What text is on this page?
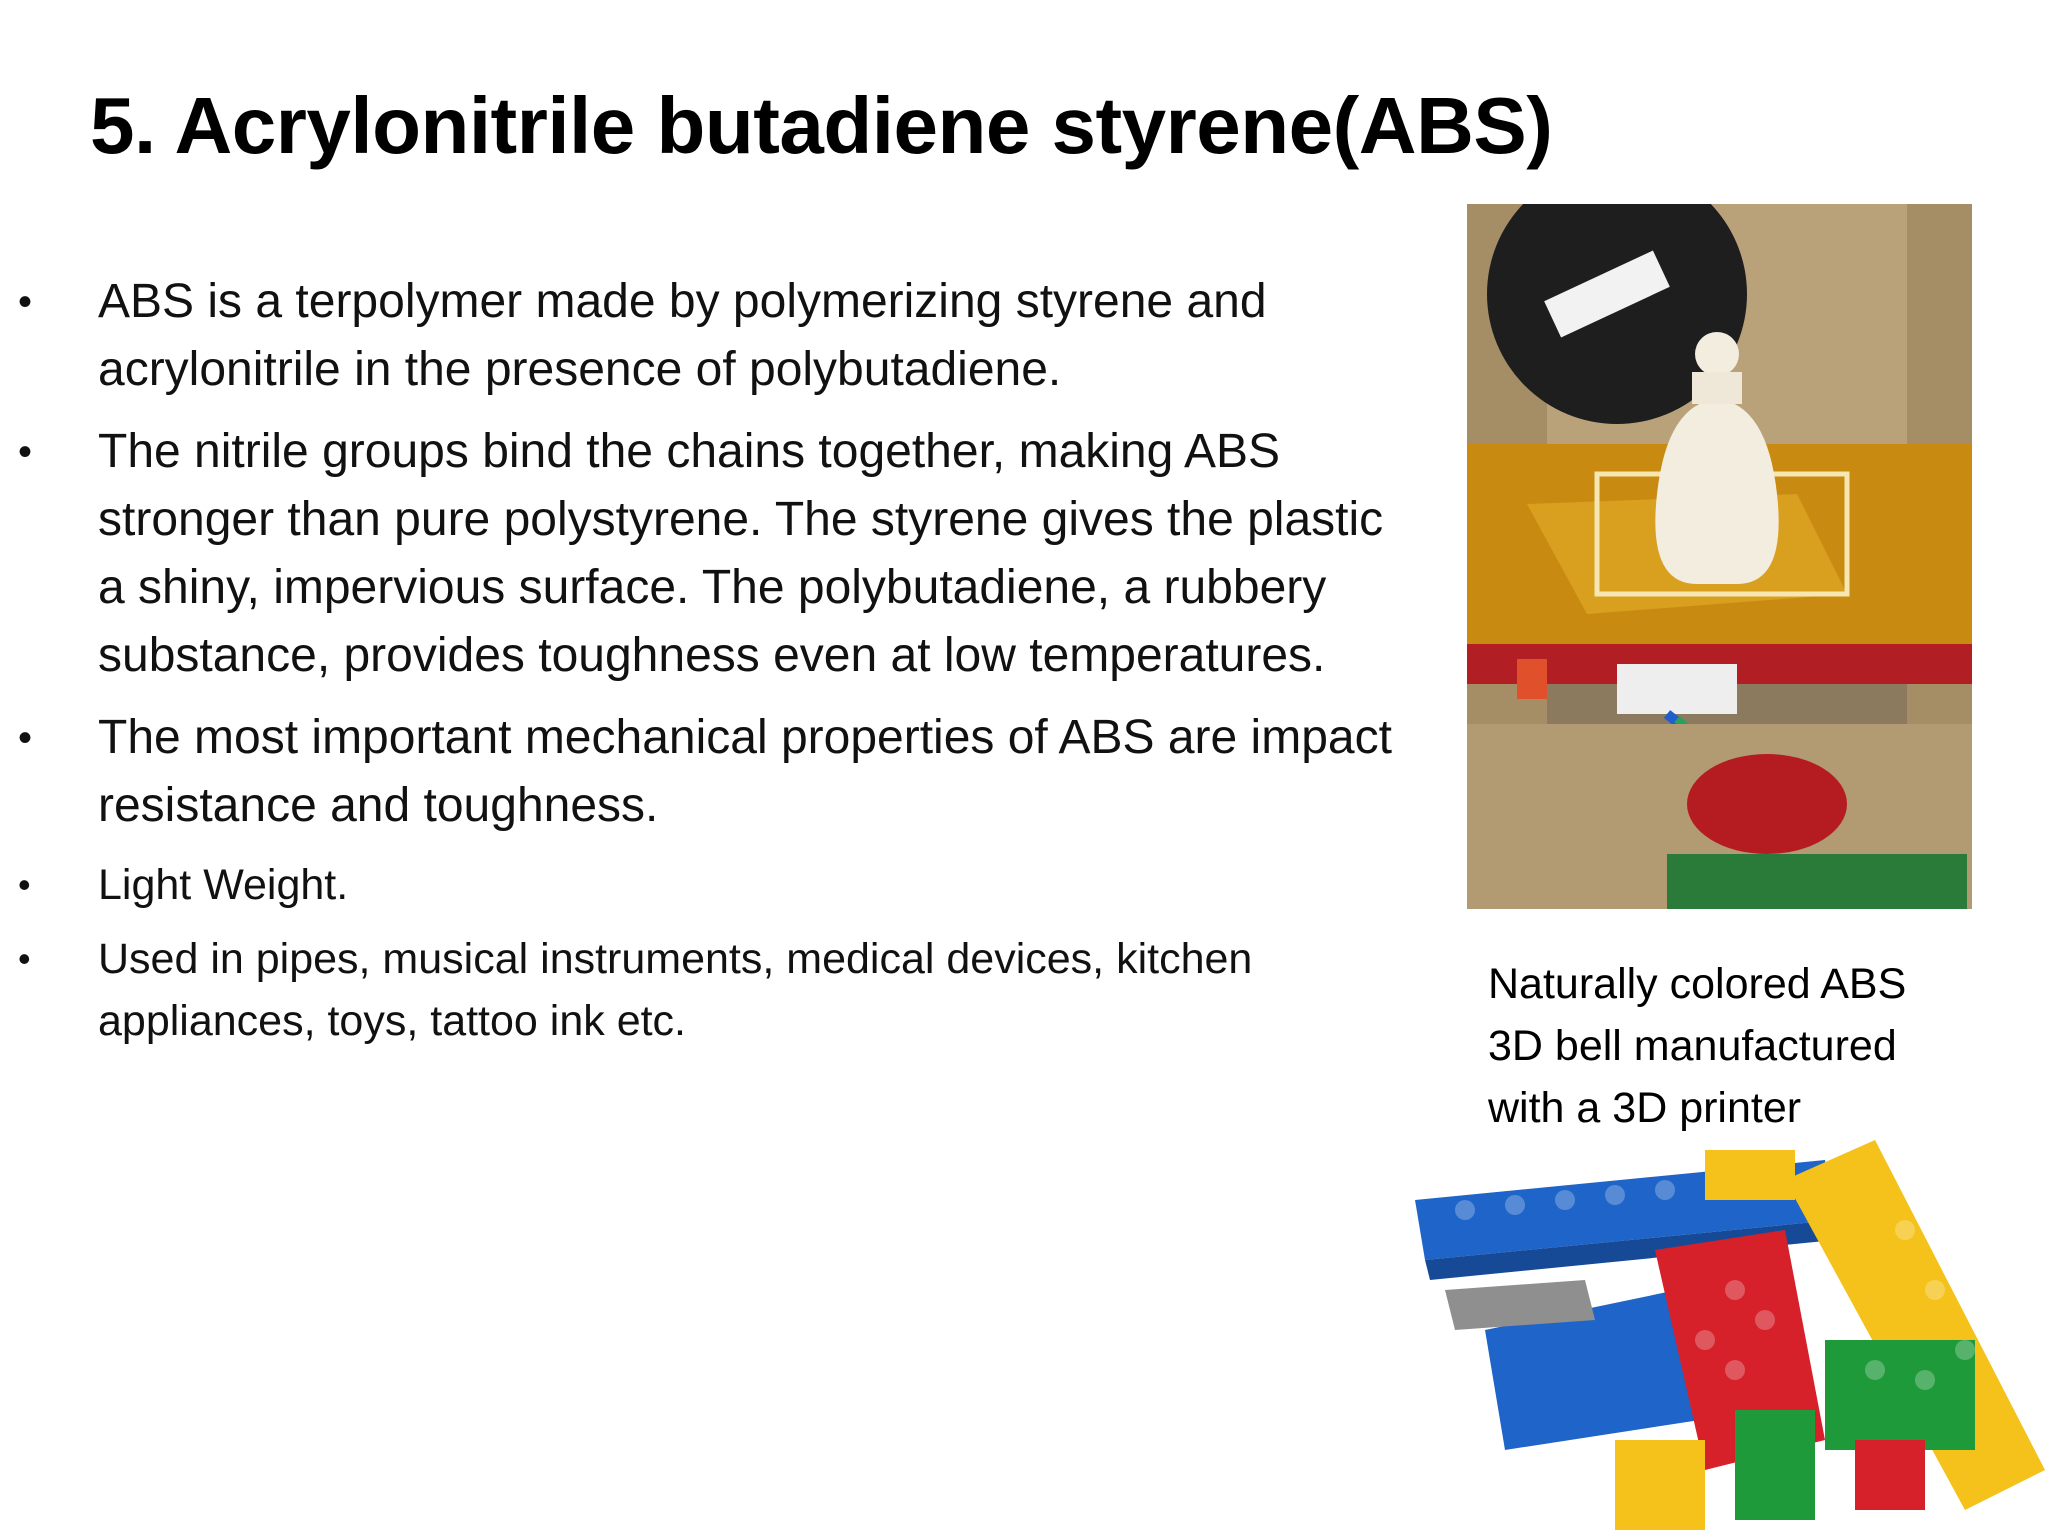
5. Acrylonitrile butadiene styrene(ABS)
• ABS is a terpolymer made by polymerizing styrene and acrylonitrile in the presence of polybutadiene.
• The nitrile groups bind the chains together, making ABS stronger than pure polystyrene. The styrene gives the plastic a shiny, impervious surface. The polybutadiene, a rubbery substance, provides toughness even at low temperatures.
• The most important mechanical properties of ABS are impact resistance and toughness.
• Light Weight.
• Used in pipes, musical instruments, medical devices, kitchen appliances, toys, tattoo ink etc.
Naturally colored ABS 3D bell manufactured with a 3D printer
